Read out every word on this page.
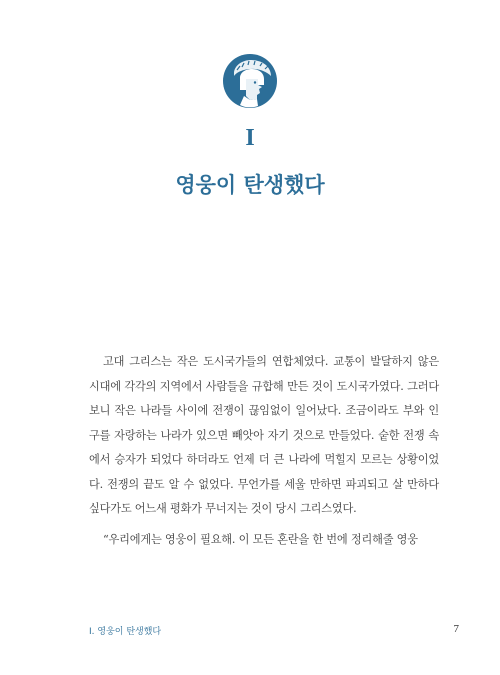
I
영웅이 탄생했다

고대 그리스는 작은 도시국가들의 연합체였다. 교통이 발달하지 않은 시대에 각각의 지역에서 사람들을 규합해 만든 것이 도시국가였다. 그러다 보니 작은 나라들 사이에 전쟁이 끊임없이 일어났다. 조금이라도 부와 인구를 자랑하는 나라가 있으면 빼앗아 자기 것으로 만들었다. 숱한 전쟁 속에서 승자가 되었다 하더라도 언제 더 큰 나라에 먹힐지 모르는 상황이었다. 전쟁의 끝도 알 수 없었다. 무언가를 세울 만하면 파괴되고 살 만하다 싶다가도 어느새 평화가 무너지는 것이 당시 그리스였다.

“우리에게는 영웅이 필요해. 이 모든 혼란을 한 번에 정리해줄 영웅

I. 영웅이 탄생했다	7
